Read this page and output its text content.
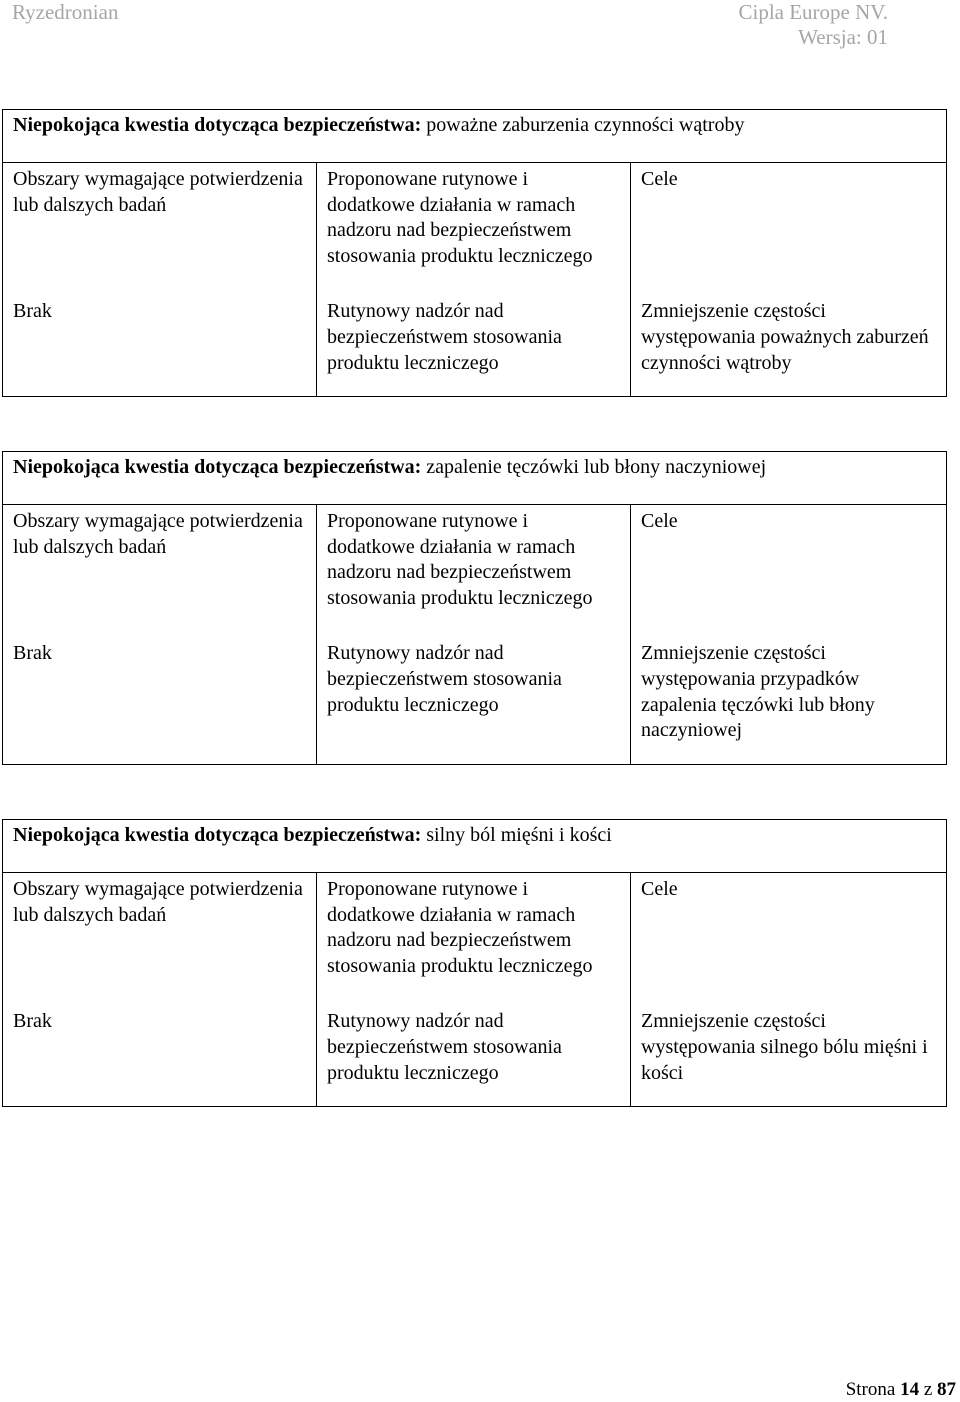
Ryzedronian	Cipla Europe NV.
Wersja: 01
Niepokojąca kwestia dotycząca bezpieczeństwa: poważne zaburzenia czynności wątroby		
Obszary wymagające potwierdzenia lub dalszych badań	Proponowane rutynowe i dodatkowe działania w ramach nadzoru nad bezpieczeństwem stosowania produktu leczniczego	Cele
Brak	Rutynowy nadzór nad bezpieczeństwem stosowania produktu leczniczego	Zmniejszenie częstości występowania poważnych zaburzeń czynności wątroby
Niepokojąca kwestia dotycząca bezpieczeństwa: zapalenie tęczówki lub błony naczyniowej		
Obszary wymagające potwierdzenia lub dalszych badań	Proponowane rutynowe i dodatkowe działania w ramach nadzoru nad bezpieczeństwem stosowania produktu leczniczego	Cele
Brak	Rutynowy nadzór nad bezpieczeństwem stosowania produktu leczniczego	Zmniejszenie częstości występowania przypadków zapalenia tęczówki lub błony naczyniowej
Niepokojąca kwestia dotycząca bezpieczeństwa: silny ból mięśni i kości		
Obszary wymagające potwierdzenia lub dalszych badań	Proponowane rutynowe i dodatkowe działania w ramach nadzoru nad bezpieczeństwem stosowania produktu leczniczego	Cele
Brak	Rutynowy nadzór nad bezpieczeństwem stosowania produktu leczniczego	Zmniejszenie częstości występowania silnego bólu mięśni i kości
Strona 14 z 87
